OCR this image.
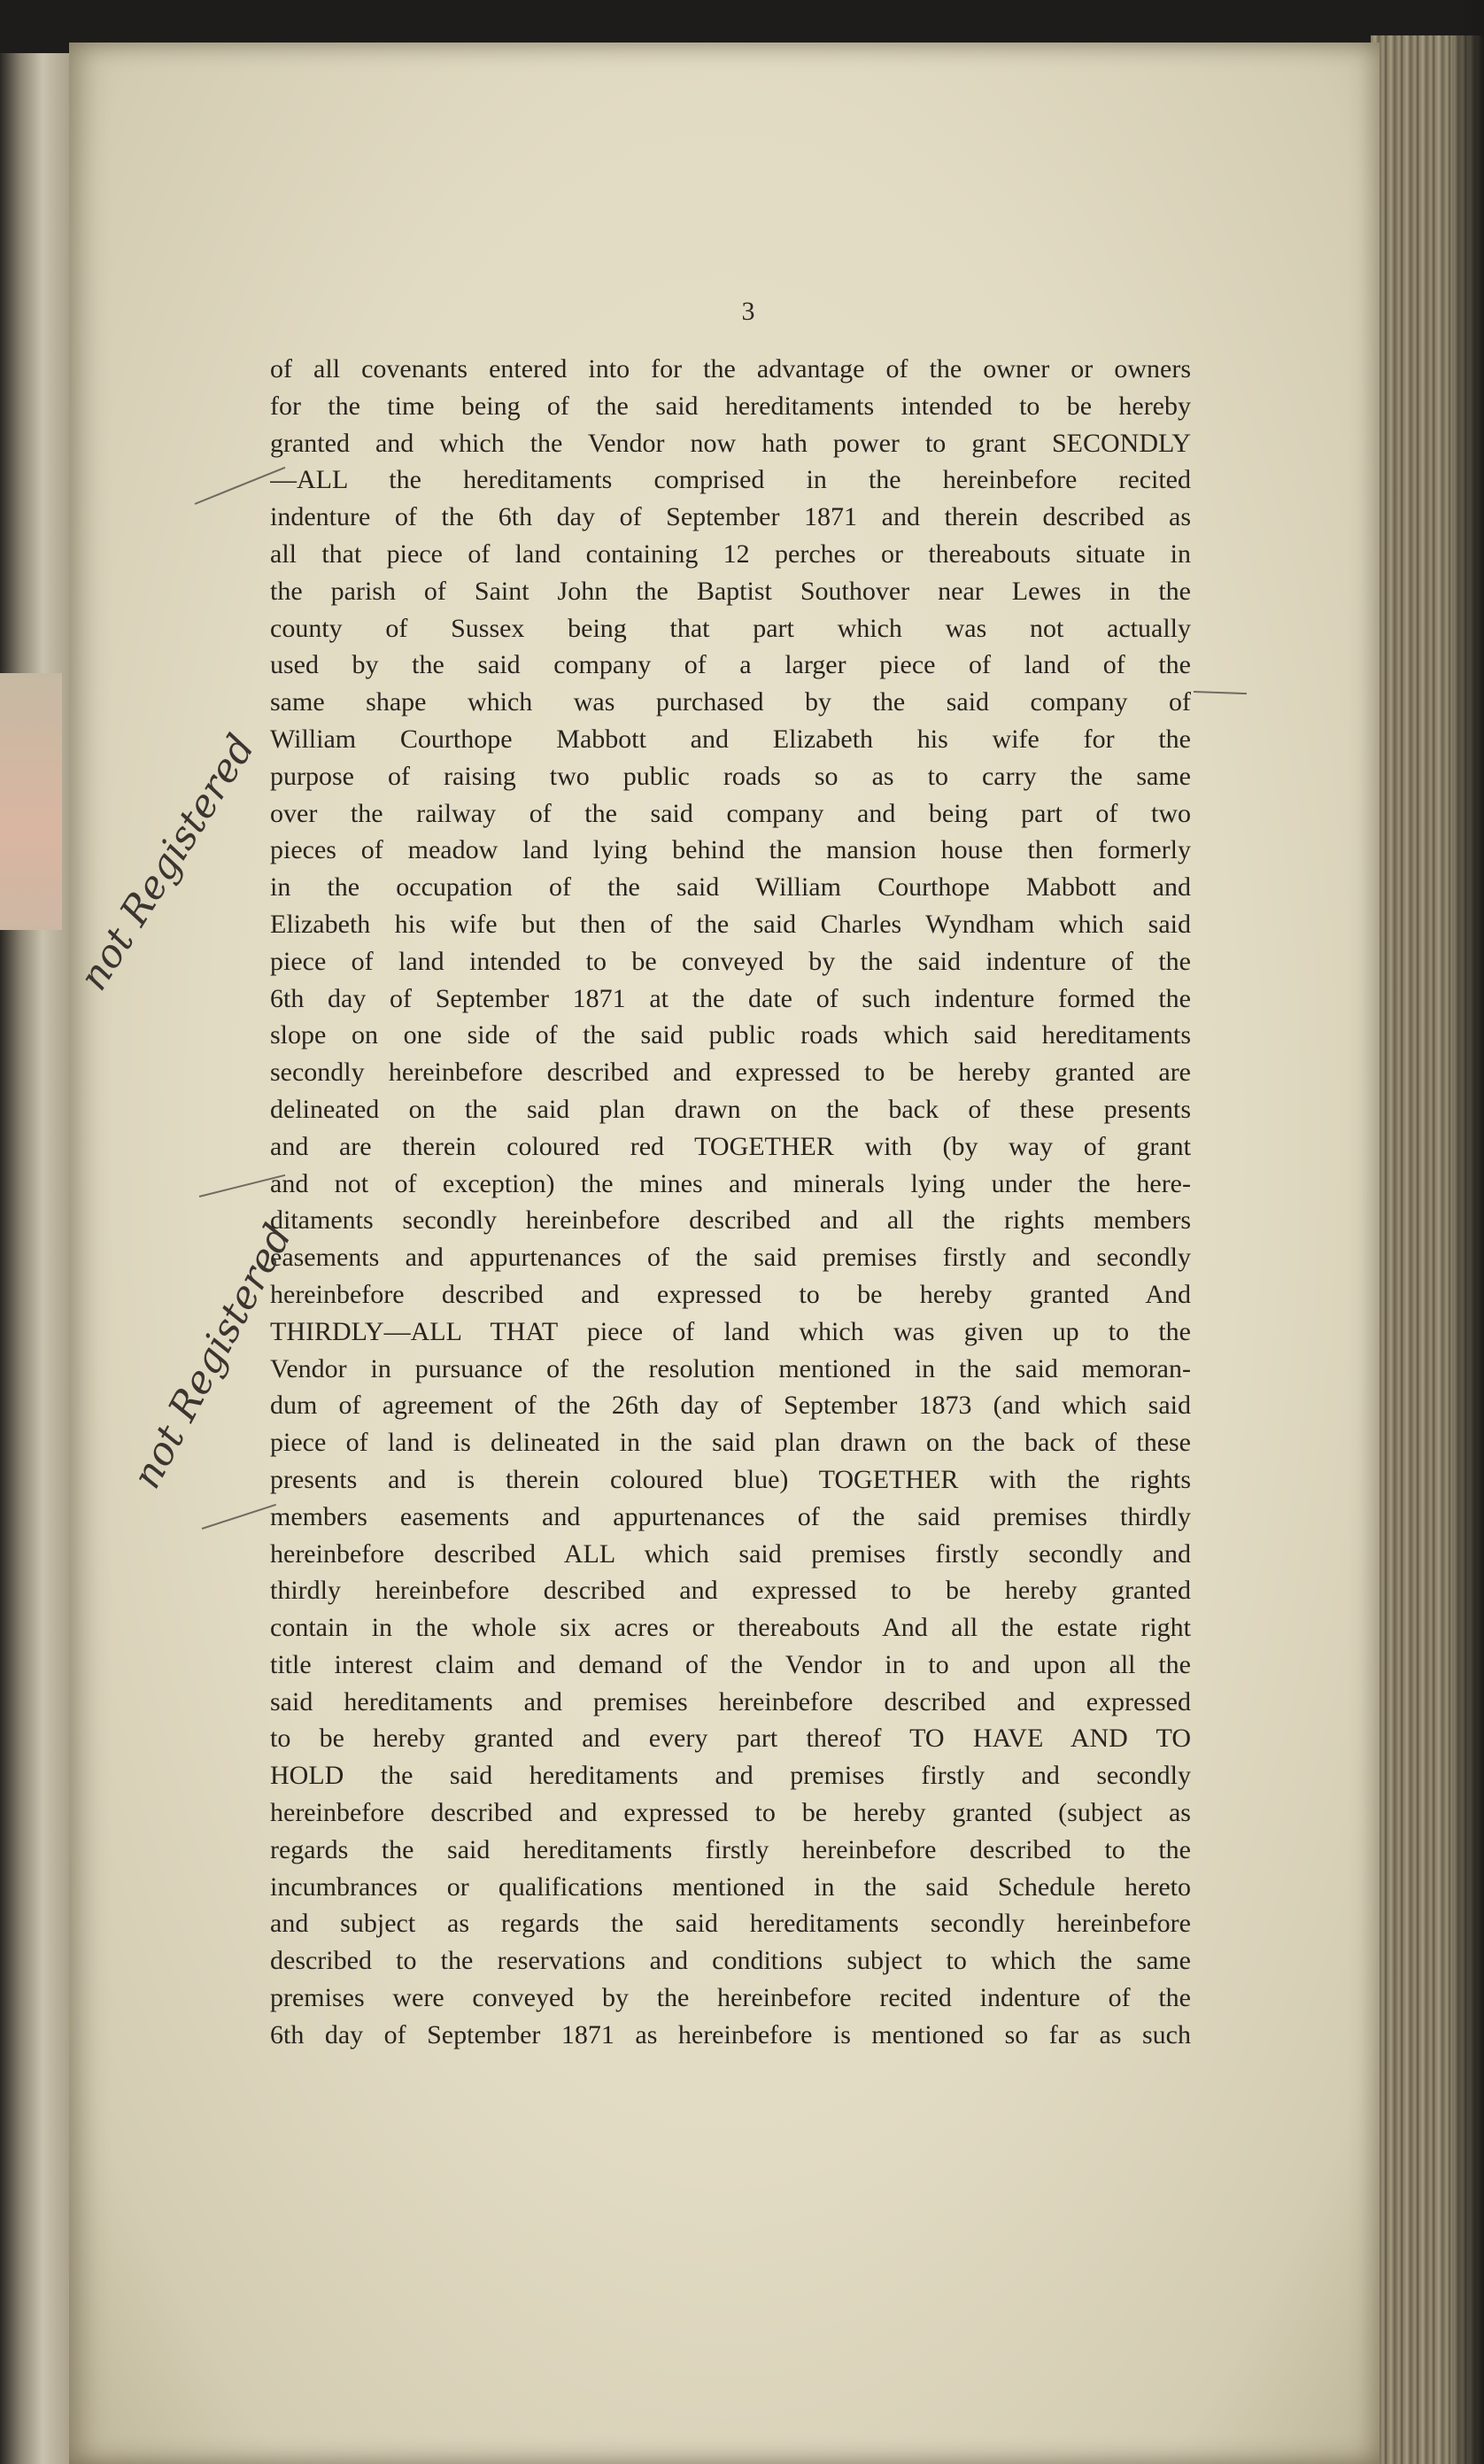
3
of all covenants entered into for the advantage of the owner or owners
for the time being of the said hereditaments intended to be hereby
granted and which the Vendor now hath power to grant SECONDLY
—ALL the hereditaments comprised in the hereinbefore recited
indenture of the 6th day of September 1871 and therein described as
all that piece of land containing 12 perches or thereabouts situate in
the parish of Saint John the Baptist Southover near Lewes in the
county of Sussex being that part which was not actually
used by the said company of a larger piece of land of the
same shape which was purchased by the said company of
William Courthope Mabbott and Elizabeth his wife for the
purpose of raising two public roads so as to carry the same
over the railway of the said company and being part of two
pieces of meadow land lying behind the mansion house then formerly
in the occupation of the said William Courthope Mabbott and
Elizabeth his wife but then of the said Charles Wyndham which said
piece of land intended to be conveyed by the said indenture of the
6th day of September 1871 at the date of such indenture formed the
slope on one side of the said public roads which said hereditaments
secondly hereinbefore described and expressed to be hereby granted are
delineated on the said plan drawn on the back of these presents
and are therein coloured red TOGETHER with (by way of grant
and not of exception) the mines and minerals lying under the here-
ditaments secondly hereinbefore described and all the rights members
easements and appurtenances of the said premises firstly and secondly
hereinbefore described and expressed to be hereby granted And
THIRDLY—ALL THAT piece of land which was given up to the
Vendor in pursuance of the resolution mentioned in the said memoran-
dum of agreement of the 26th day of September 1873 (and which said
piece of land is delineated in the said plan drawn on the back of these
presents and is therein coloured blue) TOGETHER with the rights
members easements and appurtenances of the said premises thirdly
hereinbefore described ALL which said premises firstly secondly and
thirdly hereinbefore described and expressed to be hereby granted
contain in the whole six acres or thereabouts And all the estate right
title interest claim and demand of the Vendor in to and upon all the
said hereditaments and premises hereinbefore described and expressed
to be hereby granted and every part thereof TO HAVE AND TO
HOLD the said hereditaments and premises firstly and secondly
hereinbefore described and expressed to be hereby granted (subject as
regards the said hereditaments firstly hereinbefore described to the
incumbrances or qualifications mentioned in the said Schedule hereto
and subject as regards the said hereditaments secondly hereinbefore
described to the reservations and conditions subject to which the same
premises were conveyed by the hereinbefore recited indenture of the
6th day of September 1871 as hereinbefore is mentioned so far as such
not Registered
not Registered
